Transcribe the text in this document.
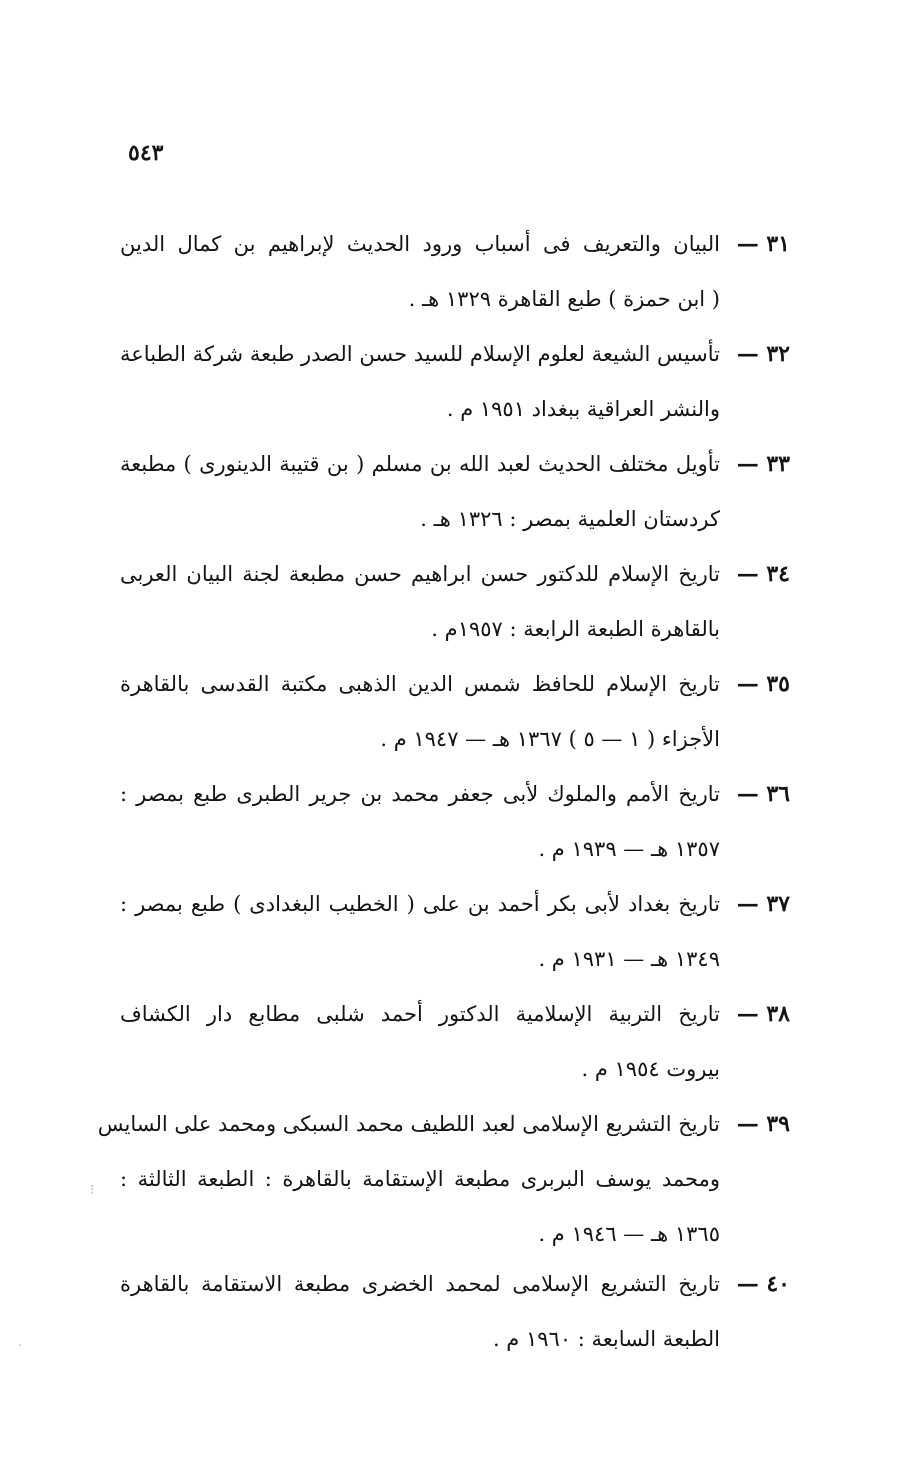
٥٤٣
٣١ —
البيان والتعريف فى أسباب ورود الحديث لإبراهيم بن كمال الدين
( ابن حمزة ) طبع القاهرة ١٣٢٩ هـ .
٣٢ —
تأسيس الشيعة لعلوم الإسلام للسيد حسن الصدر طبعة شركة الطباعة
والنشر العراقية ببغداد ١٩٥١ م .
٣٣ —
تأويل مختلف الحديث لعبد الله بن مسلم ( بن قتيبة الدينورى ) مطبعة
كردستان العلمية بمصر : ١٣٢٦ هـ .
٣٤ —
تاريخ الإسلام للدكتور حسن ابراهيم حسن مطبعة لجنة البيان العربى
بالقاهرة الطبعة الرابعة : ١٩٥٧م .
٣٥ —
تاريخ الإسلام للحافظ شمس الدين الذهبى مكتبة القدسى بالقاهرة
الأجزاء ( ١ — ٥ ) ١٣٦٧ هـ — ١٩٤٧ م .
٣٦ —
تاريخ الأمم والملوك لأبى جعفر محمد بن جرير الطبرى طبع بمصر :
١٣٥٧ هـ — ١٩٣٩ م .
٣٧ —
تاريخ بغداد لأبى بكر أحمد بن على ( الخطيب البغدادى ) طبع بمصر :
١٣٤٩ هـ — ١٩٣١ م .
٣٨ —
تاريخ التربية الإسلامية الدكتور أحمد شلبى مطابع دار الكشاف
بيروت ١٩٥٤ م .
٣٩ —
تاريخ التشريع الإسلامى لعبد اللطيف محمد السبكى ومحمد على السايس
ومحمد يوسف البربرى مطبعة الإستقامة بالقاهرة : الطبعة الثالثة :
١٣٦٥ هـ — ١٩٤٦ م .
٤٠ —
تاريخ التشريع الإسلامى لمحمد الخضرى مطبعة الاستقامة بالقاهرة
الطبعة السابعة : ١٩٦٠ م .
⁝
·
